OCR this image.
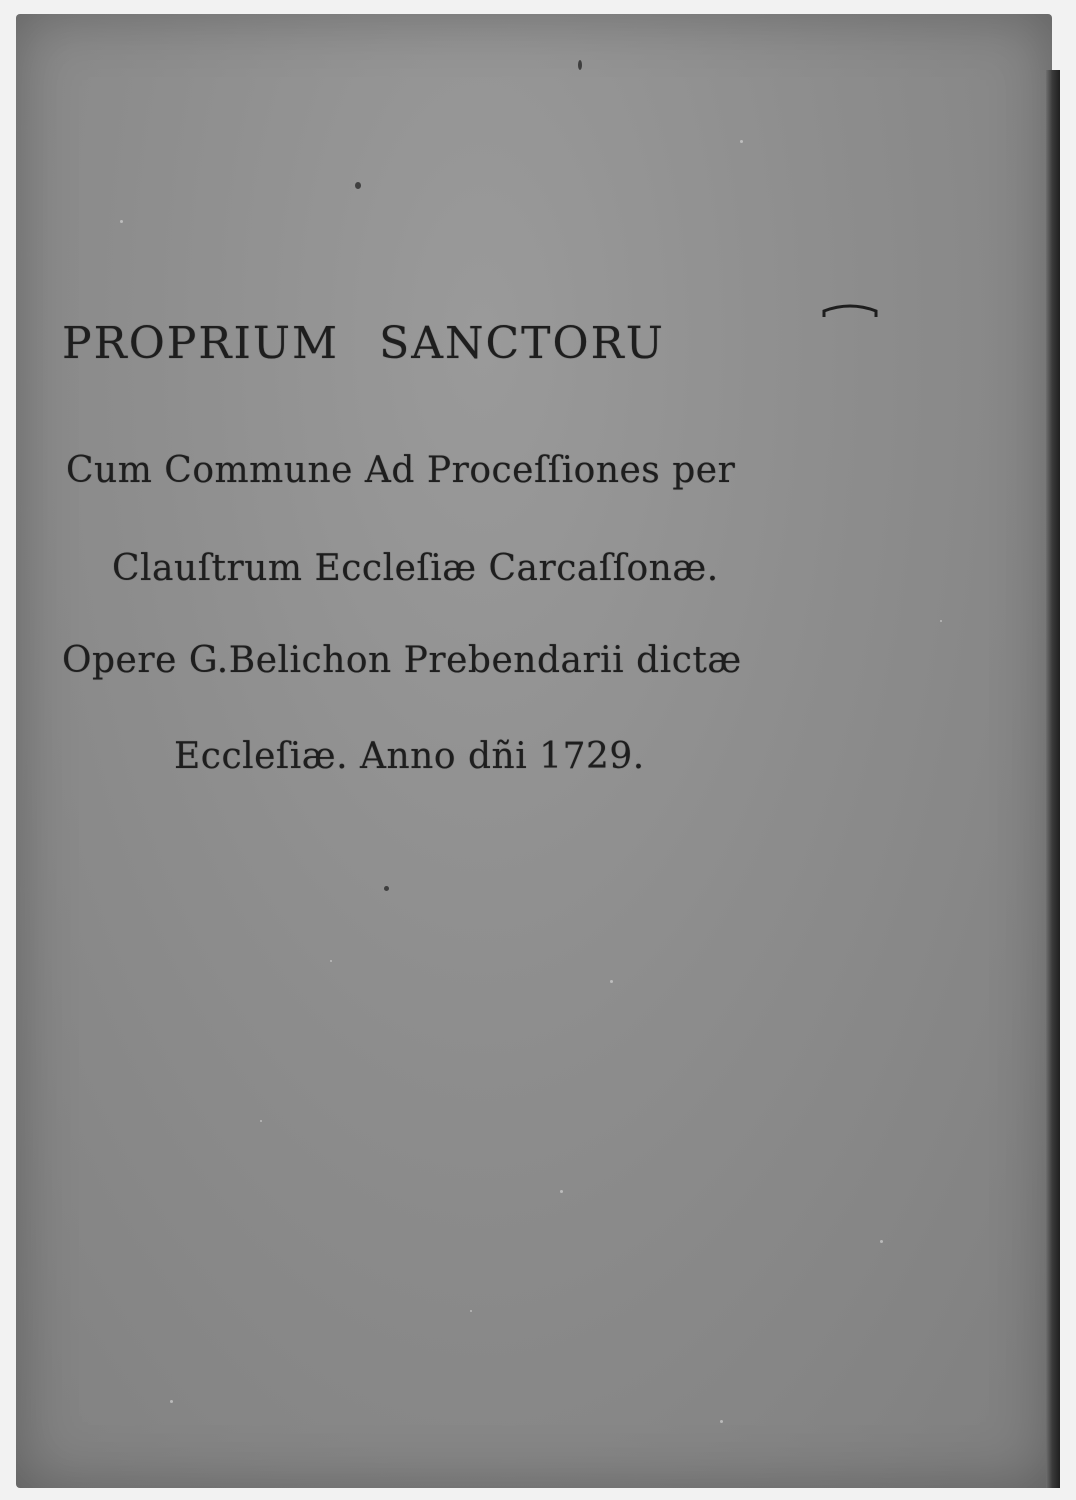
PROPRIUM SANCTORU
Cum Commune Ad Proceſſiones per
Clauſtrum Eccleſiæ Carcaſſonæ.
Opere G.Belichon Prebendarii dictæ
Eccleſiæ. Anno dñi 1729.
